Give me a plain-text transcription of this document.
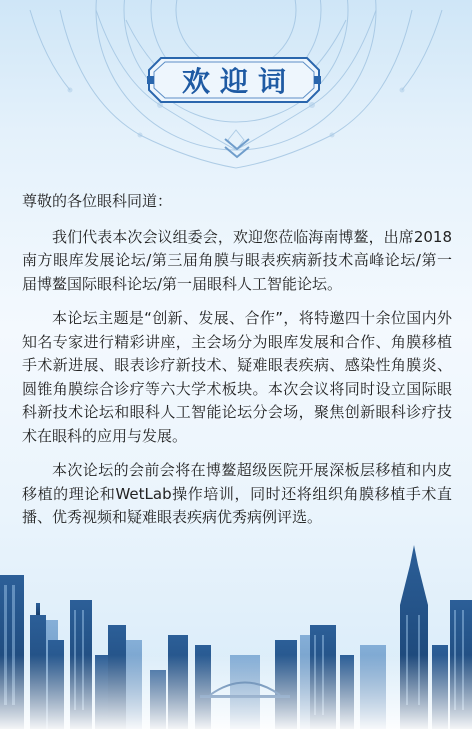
欢迎词

尊敬的各位眼科同道：

我们代表本次会议组委会，欢迎您莅临海南博鳌，出席2018 南方眼库发展论坛/第三届角膜与眼表疾病新技术高峰论坛/第一届博鳌国际眼科论坛/第一届眼科人工智能论坛。

本论坛主题是“创新、发展、合作”，将特邀四十余位国内外知名专家进行精彩讲座，主会场分为眼库发展和合作、角膜移植手术新进展、眼表诊疗新技术、疑难眼表疾病、感染性角膜炎、圆锥角膜综合诊疗等六大学术板块。本次会议将同时设立国际眼科新技术论坛和眼科人工智能论坛分会场，聚焦创新眼科诊疗技术在眼科的应用与发展。

本次论坛的会前会将在博鳌超级医院开展深板层移植和内皮移植的理论和WetLab操作培训，同时还将组织角膜移植手术直播、优秀视频和疑难眼表疾病优秀病例评选。
